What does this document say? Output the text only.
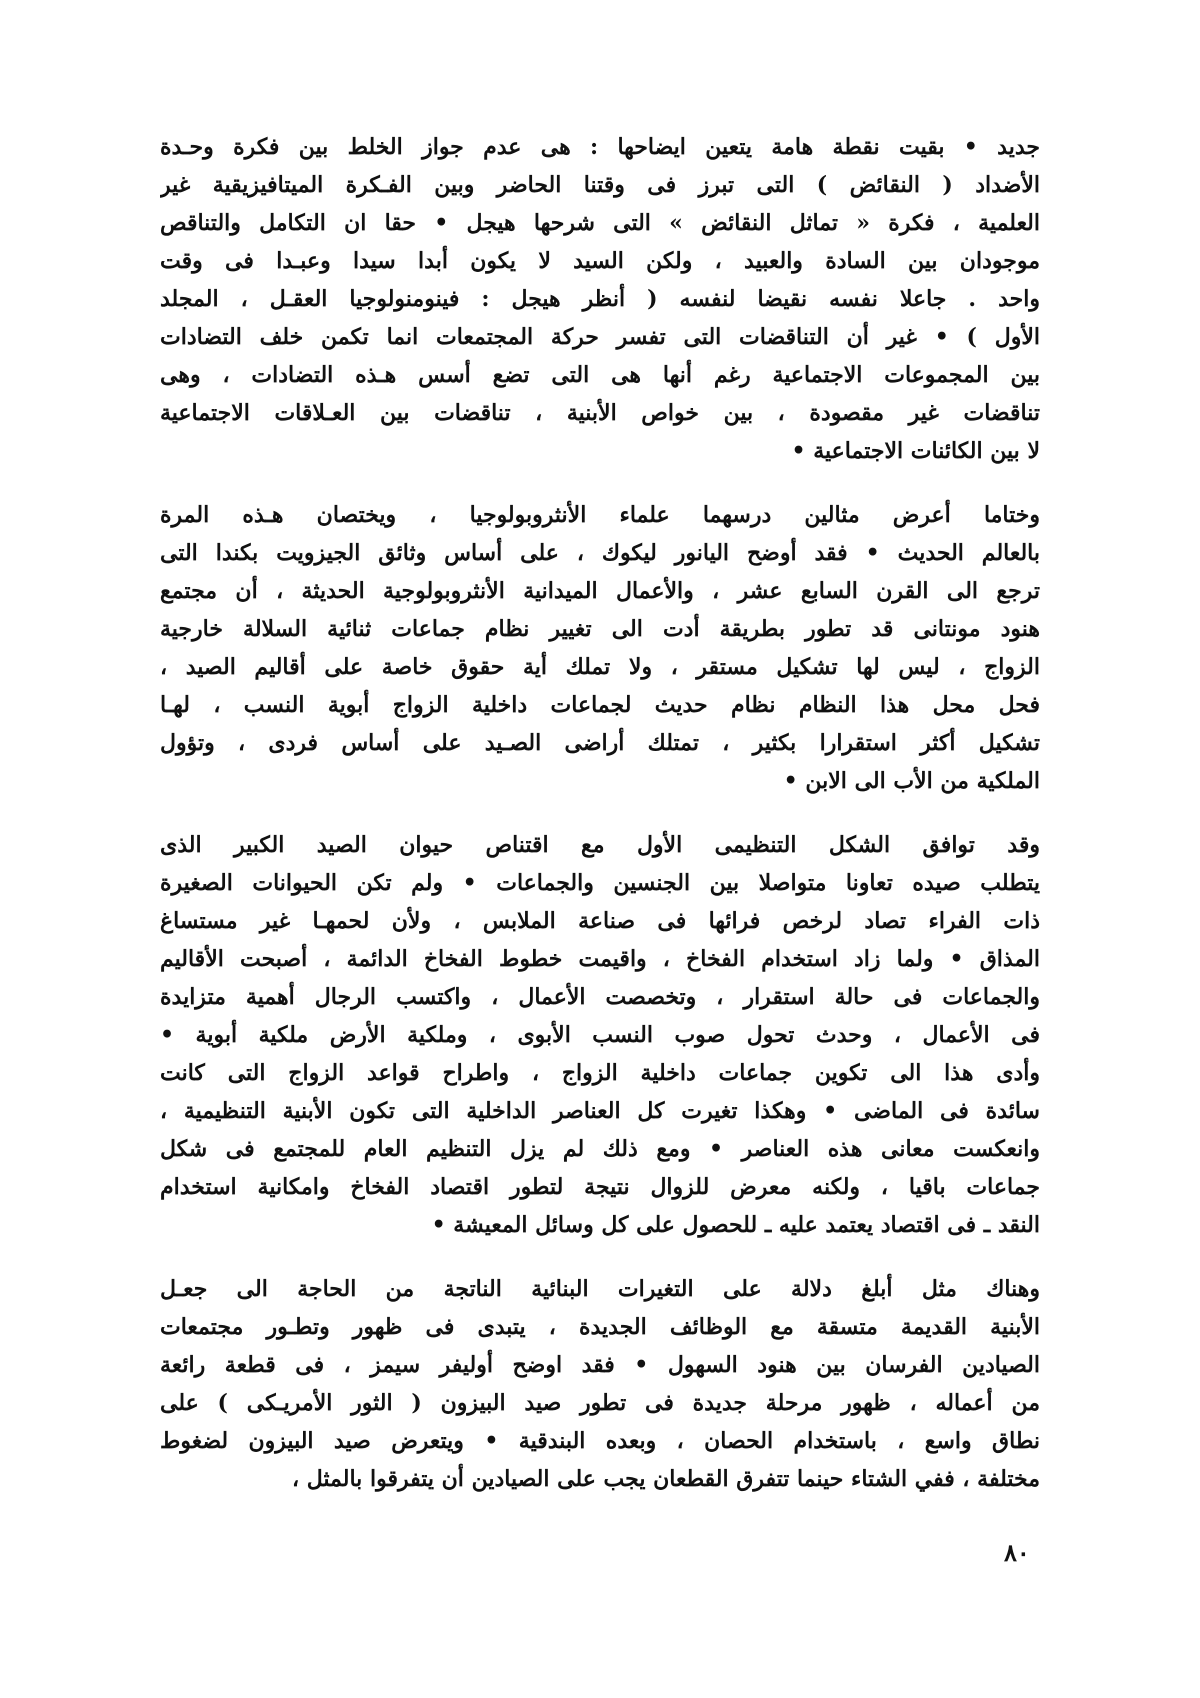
جديد • بقيت نقطة هامة يتعين ايضاحها : هى عدم جواز الخلط بين فكرة وحـدة
الأضداد ( النقائض ) التى تبرز فى وقتنا الحاضر وبين الفـكرة الميتافيزيقية غير
العلمية ، فكرة « تماثل النقائض » التى شرحها هيجل • حقا ان التكامل والتناقص
موجودان بين السادة والعبيد ، ولكن السيد لا يكون أبدا سيدا وعبـدا فى وقت
واحد . جاعلا نفسه نقيضا لنفسه ( أنظر هيجل : فينومنولوجيا العقـل ، المجلد
الأول ) • غير أن التناقضات التى تفسر حركة المجتمعات انما تكمن خلف التضادات
بين المجموعات الاجتماعية رغم أنها هى التى تضع أسس هـذه التضادات ، وهى
تناقضات غير مقصودة ، بين خواص الأبنية ، تناقضات بين العـلاقات الاجتماعية
لا بين الكائنات الاجتماعية •
وختاما أعرض مثالين درسهما علماء الأنثروبولوجيا ، ويختصان هـذه المرة
بالعالم الحديث • فقد أوضح اليانور ليكوك ، على أساس وثائق الجيزويت بكندا التى
ترجع الى القرن السابع عشر ، والأعمال الميدانية الأنثروبولوجية الحديثة ، أن مجتمع
هنود مونتانى قد تطور بطريقة أدت الى تغيير نظام جماعات ثنائية السلالة خارجية
الزواج ، ليس لها تشكيل مستقر ، ولا تملك أية حقوق خاصة على أقاليم الصيد ،
فحل محل هذا النظام نظام حديث لجماعات داخلية الزواج أبوية النسب ، لهـا
تشكيل أكثر استقرارا بكثير ، تمتلك أراضى الصـيد على أساس فردى ، وتؤول
الملكية من الأب الى الابن •
وقد توافق الشكل التنظيمى الأول مع اقتناص حيوان الصيد الكبير الذى
يتطلب صيده تعاونا متواصلا بين الجنسين والجماعات • ولم تكن الحيوانات الصغيرة
ذات الفراء تصاد لرخص فرائها فى صناعة الملابس ، ولأن لحمهـا غير مستساغ
المذاق • ولما زاد استخدام الفخاخ ، واقيمت خطوط الفخاخ الدائمة ، أصبحت الأقاليم
والجماعات فى حالة استقرار ، وتخصصت الأعمال ، واكتسب الرجال أهمية متزايدة
فى الأعمال ، وحدث تحول صوب النسب الأبوى ، وملكية الأرض ملكية أبوية •
وأدى هذا الى تكوين جماعات داخلية الزواج ، واطراح قواعد الزواج التى كانت
سائدة فى الماضى • وهكذا تغيرت كل العناصر الداخلية التى تكون الأبنية التنظيمية ،
وانعكست معانى هذه العناصر • ومع ذلك لم يزل التنظيم العام للمجتمع فى شكل
جماعات باقيا ، ولكنه معرض للزوال نتيجة لتطور اقتصاد الفخاخ وامكانية استخدام
النقد ـ فى اقتصاد يعتمد عليه ـ للحصول على كل وسائل المعيشة •
وهناك مثل أبلغ دلالة على التغيرات البنائية الناتجة من الحاجة الى جعـل
الأبنية القديمة متسقة مع الوظائف الجديدة ، يتبدى فى ظهور وتطـور مجتمعات
الصيادين الفرسان بين هنود السهول • فقد اوضح أوليفر سيمز ، فى قطعة رائعة
من أعماله ، ظهور مرحلة جديدة فى تطور صيد البيزون ( الثور الأمريـكى ) على
نطاق واسع ، باستخدام الحصان ، وبعده البندقية • ويتعرض صيد البيزون لضغوط
مختلفة ، ففي الشتاء حينما تتفرق القطعان يجب على الصيادين أن يتفرقوا بالمثل ،
٨٠
